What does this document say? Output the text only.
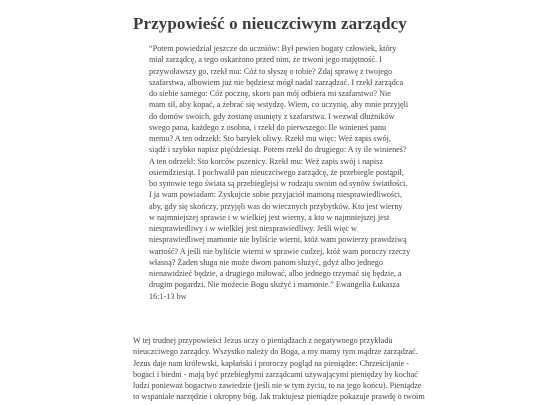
Przypowieść o nieuczciwym zarządcy
“Potem powiedział jeszcze do uczniów: Był pewien bogaty człowiek, który
miał zarządcę, a tego oskarżono przed nim, że trwoni jego majętność. I
przywoławszy go, rzekł mu: Cóż to słyszę o tobie? Zdaj sprawę z twojego
szafarstwa, albowiem już nie będziesz mógł nadal zarządzać. I rzekł zarządca
do siebie samego: Cóż pocznę, skoro pan mój odbiera mi szafarstwo? Nie
mam sił, aby kopać, a żebrać się wstydzę. Wiem, co uczynię, aby mnie przyjęli
do domów swoich, gdy zostanę usunięty z szafarstwa. I wezwał dłużników
swego pana, każdego z osobna, i rzekł do pierwszego: Ile winieneś panu
memu? A ten odrzekł: Sto baryłek oliwy. Rzekł mu więc: Weź zapis swój,
siądź i szybko napisz pięćdziesiąt. Potem rzekł do drugiego: A ty ile winieneś?
A ten odrzekł: Sto korców pszenicy. Rzekł mu: Weź zapis swój i napisz
osiemdziesiąt. I pochwalił pan nieuczciwego zarządcę, że przebiegle postąpił,
bo synowie tego świata są przebieglejsi w rodzaju swoim od synów światłości.
I ja wam powiadam: Zyskujcie sobie przyjaciół mamoną niesprawiedliwości,
aby, gdy się skończy, przyjęli was do wiecznych przybytków. Kto jest wierny
w najmniejszej sprawie i w wielkiej jest wierny, a kto w najmniejszej jest
niesprawiedliwy i w wielkiej jest niesprawiedliwy. Jeśli więc w
niesprawiedliwej mamonie nie byliście wierni, któż wam powierzy prawdziwą
wartość? A jeśli nie byliście wierni w sprawie cudzej, któż wam poruczy rzeczy
własną? Żaden sługa nie może dwom panom służyć, gdyż albo jednego
nienawidzieć będzie, a drugiego miłować, albo jednego trzymać się będzie, a
drugim pogardzi. Nie możecie Bogu służyć i mamonie.” Ewangelia Łukasza
16:1-13 bw

W tej trudnej przypowieści Jezus uczy o pieniądzach z negatywnego przykładu
nieuczciwego zarządcy. Wszystko należy do Boga, a my mamy tym mądrze zarządzać.
Jezus daje nam królewski, kapłański i proroczy pogląd na pieniądze: Chrześcijanie -
bogaci i biedni - mają być przebiegłymi zarządcami używającymi pieniędzy by kochać
ludzi ponieważ bogactwo zawiedzie (jeśli nie w tym życiu, to na jego końcu). Pieniądze
to wspaniałe narzędzie i okropny bóg. Jak traktujesz pieniądze pokazuje prawdę o twoim
